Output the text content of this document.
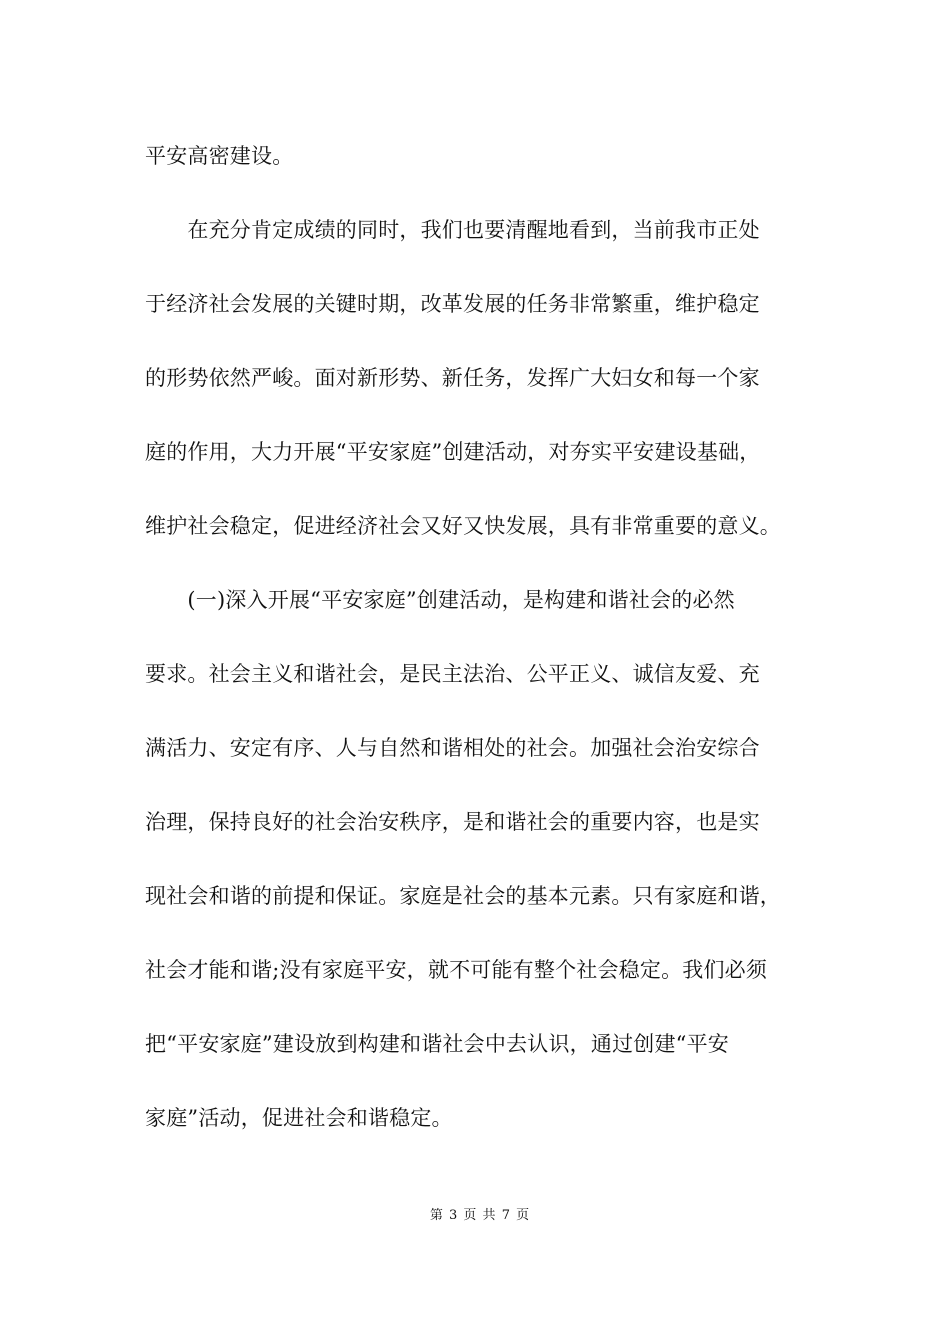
平安高密建设。
　　在充分肯定成绩的同时，我们也要清醒地看到，当前我市正处
于经济社会发展的关键时期，改革发展的任务非常繁重，维护稳定
的形势依然严峻。面对新形势、新任务，发挥广大妇女和每一个家
庭的作用，大力开展“平安家庭”创建活动，对夯实平安建设基础，
维护社会稳定，促进经济社会又好又快发展，具有非常重要的意义。
　　(一)深入开展“平安家庭”创建活动，是构建和谐社会的必然
要求。社会主义和谐社会，是民主法治、公平正义、诚信友爱、充
满活力、安定有序、人与自然和谐相处的社会。加强社会治安综合
治理，保持良好的社会治安秩序，是和谐社会的重要内容，也是实
现社会和谐的前提和保证。家庭是社会的基本元素。只有家庭和谐，
社会才能和谐;没有家庭平安，就不可能有整个社会稳定。我们必须
把“平安家庭”建设放到构建和谐社会中去认识，通过创建“平安
家庭”活动，促进社会和谐稳定。
第 3 页 共 7 页
